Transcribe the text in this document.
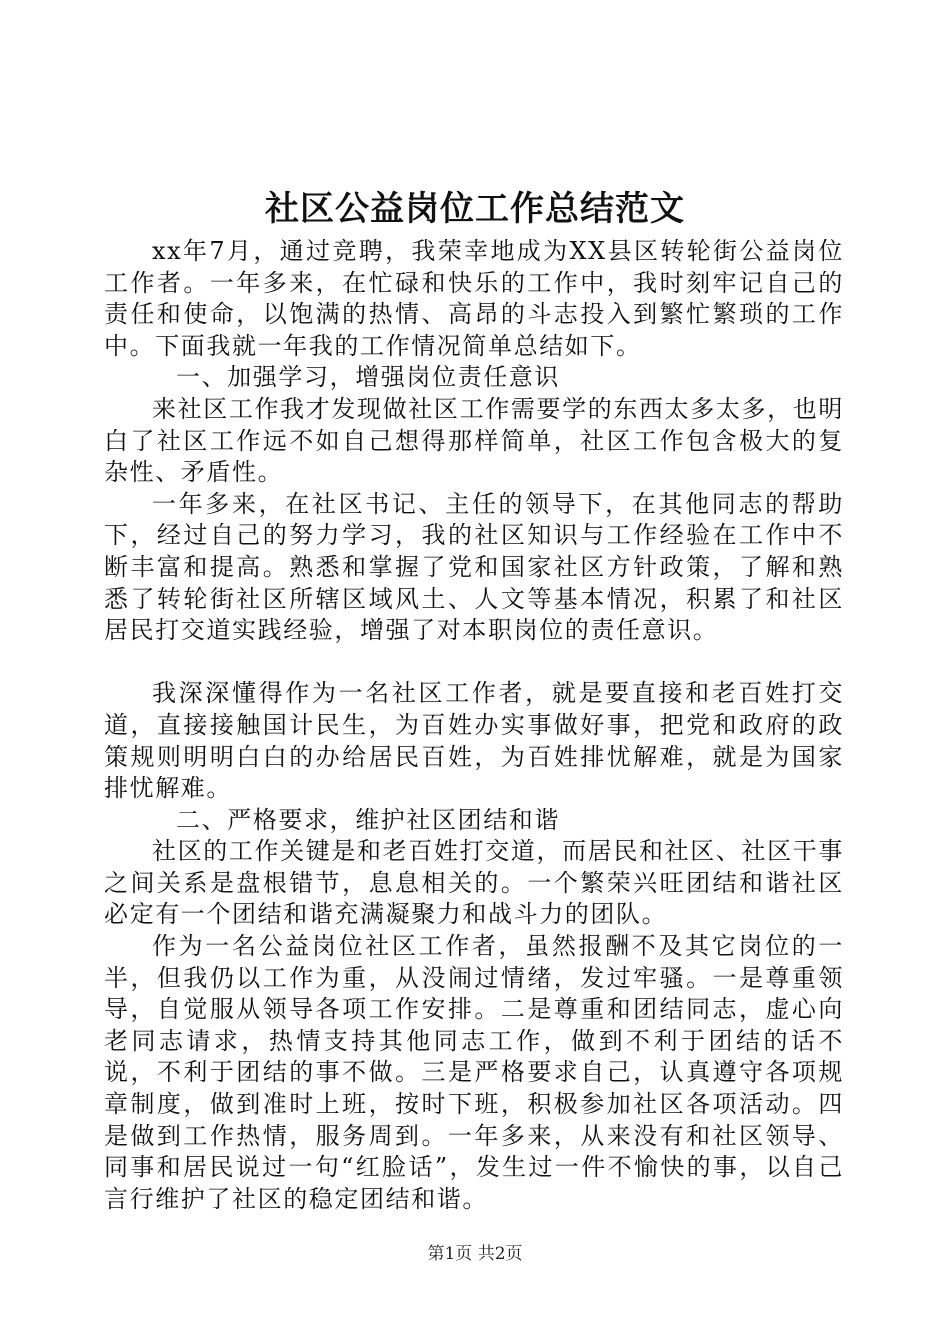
社区公益岗位工作总结范文

xx年7月，通过竞聘，我荣幸地成为XX县区转轮街公益岗位工作者。一年多来，在忙碌和快乐的工作中，我时刻牢记自己的责任和使命，以饱满的热情、高昂的斗志投入到繁忙繁琐的工作中。下面我就一年我的工作情况简单总结如下。

一、加强学习，增强岗位责任意识

来社区工作我才发现做社区工作需要学的东西太多太多，也明白了社区工作远不如自己想得那样简单，社区工作包含极大的复杂性、矛盾性。

一年多来，在社区书记、主任的领导下，在其他同志的帮助下，经过自己的努力学习，我的社区知识与工作经验在工作中不断丰富和提高。熟悉和掌握了党和国家社区方针政策，了解和熟悉了转轮街社区所辖区域风土、人文等基本情况，积累了和社区居民打交道实践经验，增强了对本职岗位的责任意识。

我深深懂得作为一名社区工作者，就是要直接和老百姓打交道，直接接触国计民生，为百姓办实事做好事，把党和政府的政策规则明明白白的办给居民百姓，为百姓排忧解难，就是为国家排忧解难。

二、严格要求，维护社区团结和谐

社区的工作关键是和老百姓打交道，而居民和社区、社区干事之间关系是盘根错节，息息相关的。一个繁荣兴旺团结和谐社区必定有一个团结和谐充满凝聚力和战斗力的团队。

作为一名公益岗位社区工作者，虽然报酬不及其它岗位的一半，但我仍以工作为重，从没闹过情绪，发过牢骚。一是尊重领导，自觉服从领导各项工作安排。二是尊重和团结同志，虚心向老同志请求，热情支持其他同志工作，做到不利于团结的话不说，不利于团结的事不做。三是严格要求自己，认真遵守各项规章制度，做到准时上班，按时下班，积极参加社区各项活动。四是做到工作热情，服务周到。一年多来，从来没有和社区领导、同事和居民说过一句“红脸话”，发生过一件不愉快的事，以自己言行维护了社区的稳定团结和谐。

第1页 共2页
